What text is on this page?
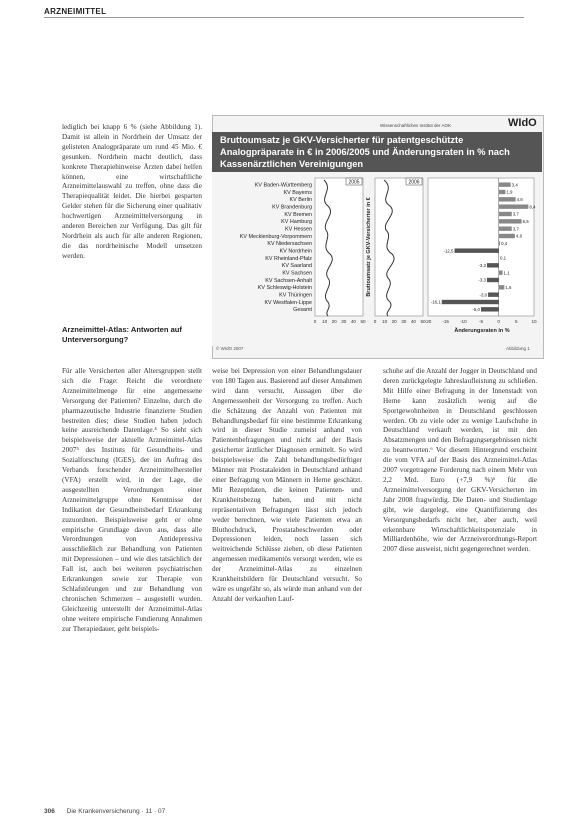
ARZNEIMITTEL
lediglich bei knapp 6 % (siehe Abbildung 1). Damit ist allein in Nordrhein der Umsatz der gelisteten Analogpräparate um rund 45 Mio. € gesunken. Nordrhein macht deutlich, dass konkrete Therapiehinweise Ärzten dabei helfen können, eine wirtschaftliche Arzneimittelauswahl zu treffen, ohne dass die Therapiequalität leidet. Die hierbei gesparten Gelder stehen für die Sicherung einer qualitativ hochwertigen Arzneimittelversorgung in anderen Bereichen zur Verfügung. Das gilt für Nordrhein als auch für alle anderen Regionen, die das nordrheinische Modell umsetzen werden.
Arzneimittel-Atlas: Antworten auf Unterversorgung?
Für alle Versicherten aller Altersgruppen stellt sich die Frage: Reicht die verordnete Arzneimittelmenge für eine angemessene Versorgung der Patienten? Einzelne, durch die pharmazeutische Industrie finanzierte Studien bestreiten dies; diese Studien haben jedoch keine ausreichende Datenlage.⁴ So sieht sich beispielsweise der aktuelle Arzneimittel-Atlas 2007⁵ des Instituts für Gesundheits- und Sozialforschung (IGES), der im Auftrag des Verbands forschender Arzneimittelhersteller (VFA) erstellt wird, in der Lage, die ausgestellten Verordnungen einer Arzneimittelgruppe ohne Kenntnisse der Indikation der Gesundheitsbedarf Erkrankung zuzuordnen. Beispielsweise geht er ohne empirische Grundlage davon aus, dass alle Verordnungen von Antidepressiva ausschließlich zur Behandlung von Patienten mit Depressionen – und wie dies tatsächlich der Fall ist, auch bei weiteren psychiatrischen Erkrankungen sowie zur Therapie von Schlafstörungen und zur Behandlung von chronischen Schmerzen – ausgestellt wurden. Gleichzeitig unterstellt der Arzneimittel-Atlas ohne weitere empirische Fundierung Annahmen zur Therapiedauer, geht beispiels-
weise bei Depression von einer Behandlungsdauer von 180 Tagen aus. Basierend auf dieser Annahmen wird dann versucht, Aussagen über die Angemessenheit der Versorgung zu treffen. Auch die Schätzung der Anzahl von Patienten mit Behandlungsbedarf für eine bestimmte Erkrankung wird in dieser Studie zumeist anhand von Patientenbefragungen und nicht auf der Basis gesicherter ärztlicher Diagnosen ermittelt. So wird beispielsweise die Zahl behandlungsbedürftiger Männer mit Prostataleiden in Deutschland anhand einer Befragung von Männern in Herne geschätzt. Mit Rezeptdaten, die keinen Patienten- und Krankheitsbezug haben, und mit nicht repräsentativen Befragungen lässt sich jedoch weder berechnen, wie viele Patienten etwa an Bluthochdruck, Prostatabeschwerden oder Depressionen leiden, noch lassen sich weitreichende Schlüsse ziehen, ob diese Patienten angemessen medikamentös versorgt werden, wie es der Arzneimittel-Atlas zu einzelnen Krankheitsbildern für Deutschland versucht. So wäre es ungefähr so, als würde man anhand von der Anzahl der verkauften Lauf-
schuhe auf die Anzahl der Jogger in Deutschland und deren zurückgelegte Jahreslaufleistung zu schließen. Mit Hilfe einer Befragung in der Innenstadt von Herne kann zusätzlich wenig auf die Sportgewohnheiten in Deutschland geschlossen werden. Ob zu viele oder zu wenige Laufschuhe in Deutschland verkauft werden, ist mit den Absatzmengen und den Befragungsergebnissen nicht zu beantworten.⁶ Vor diesem Hintergrund erscheint die vom VFA auf der Basis des Arzneimittel-Atlas 2007 vorgetragene Forderung nach einem Mehr von 2,2 Mrd. Euro (+7,9 %)⁶ für die Arzneimittelversorgung der GKV-Versicherten im Jahr 2008 fragwürdig. Die Daten- und Studienlage gibt, wie dargelegt, eine Quantifizierung des Versorgungsbedarfs nicht her, aber auch, weil erkennbare Wirtschaftlichkeitspotenziale in Milliardenhöhe, wie der Arzneiverordnungs-Report 2007 diese ausweist, nicht gegengerechnet werden.
Wissenschaftliches Institut der AOK	WIdO
Bruttoumsatz je GKV-Versicherter für patentgeschützte Analogpräparate in € in 2006/2005 und Änderungsraten in % nach Kassenärztlichen Vereinigungen
2005	2006
Bruttoumsatz je GKV-Versicherter in €
Änderungsraten in %
KV Baden-Württemberg
KV Bayerns
KV Berlin
KV Brandenburg
KV Bremen
KV Hamburg
KV Hessen
KV Mecklenburg-Vorpommern
KV Niedersachsen
KV Nordrhein
KV Rheinland-Pfalz
KV Saarland
KV Sachsen
KV Sachsen-Anhalt
KV Schleswig-Holstein
KV Thüringen
KV Westfalen-Lippe
Gesamt
0 10 20 30 40 50 0 10 20 30 40 50
3,4
1,9
4,8
8,4
3,7
6,5
3,7
4,6
0,4
-12,5
0,1
-3,3
1,1
-3,3
1,6
-3,0
-16,1
-5,0
-20 -15 -10	-5	0	5	10
© WIdO 2007	Abbildung 1
306 Die Krankenversicherung · 11 · 07
